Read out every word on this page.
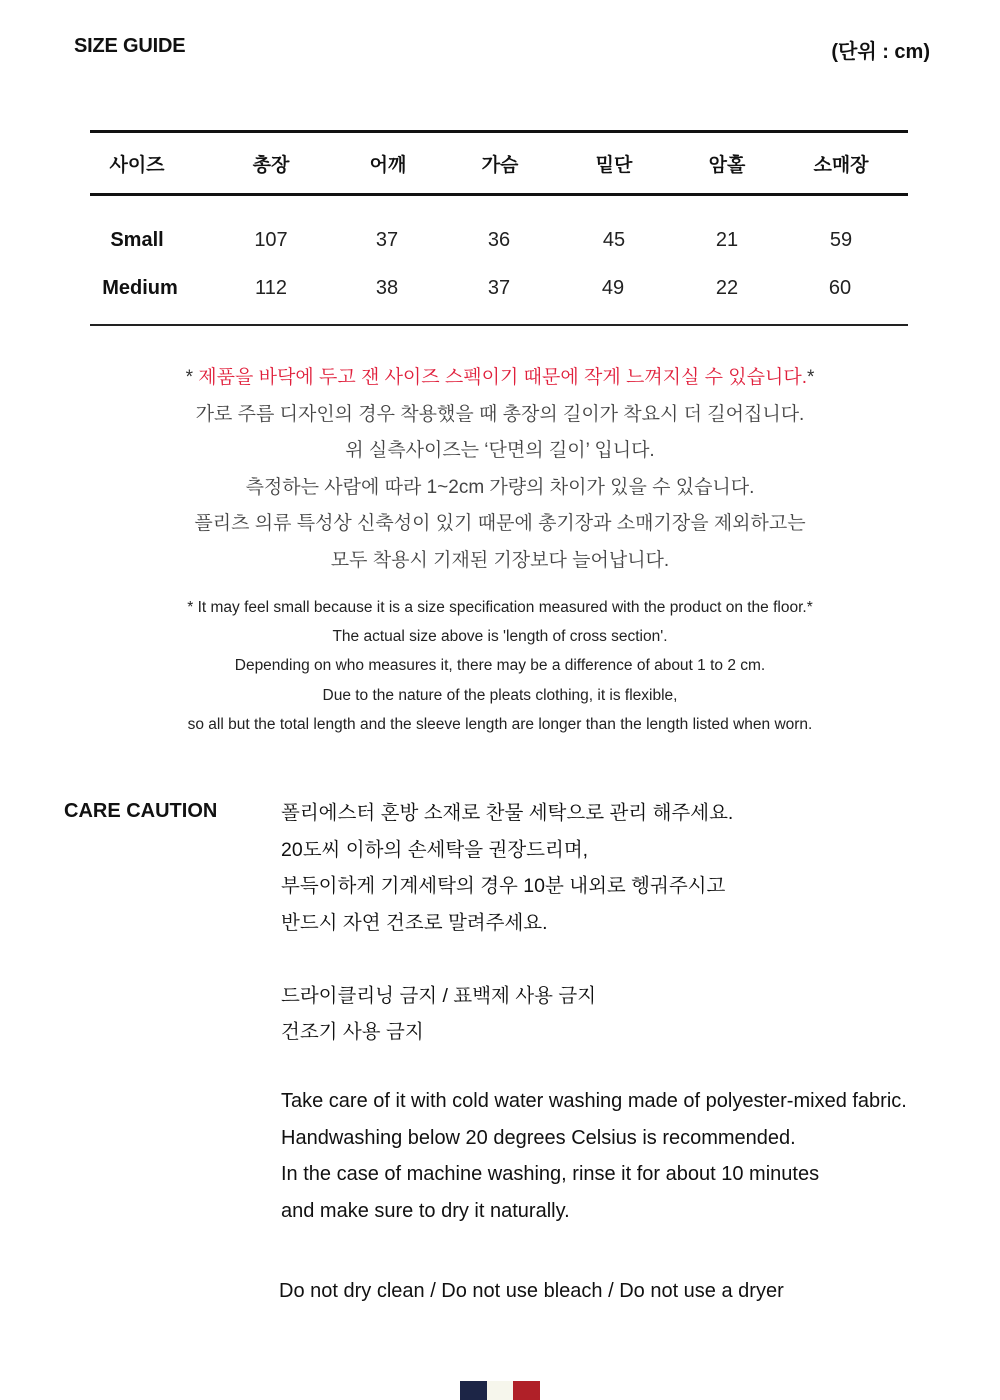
SIZE GUIDE	(단위 : cm)
사이즈	총장	어깨	가슴	밑단	암홀	소매장
Small	107	37	36	45	21	59
Medium	112	38	37	49	22	60
* 제품을 바닥에 두고 잰 사이즈 스펙이기 때문에 작게 느껴지실 수 있습니다.*
가로 주름 디자인의 경우 착용했을 때 총장의 길이가 착요시 더 길어집니다.
위 실측사이즈는 ‘단면의 길이’ 입니다.
측정하는 사람에 따라 1~2cm 가량의 차이가 있을 수 있습니다.
플리츠 의류 특성상 신축성이 있기 때문에 총기장과 소매기장을 제외하고는
모두 착용시 기재된 기장보다 늘어납니다.
* It may feel small because it is a size specification measured with the product on the floor.*
The actual size above is 'length of cross section'.
Depending on who measures it, there may be a difference of about 1 to 2 cm.
Due to the nature of the pleats clothing, it is flexible,
so all but the total length and the sleeve length are longer than the length listed when worn.
CARE CAUTION	폴리에스터 혼방 소재로 찬물 세탁으로 관리 해주세요.
20도씨 이하의 손세탁을 권장드리며,
부득이하게 기계세탁의 경우 10분 내외로 헹궈주시고
반드시 자연 건조로 말려주세요.
드라이클리닝 금지 / 표백제 사용 금지
건조기 사용 금지
Take care of it with cold water washing made of polyester-mixed fabric.
Handwashing below 20 degrees Celsius is recommended.
In the case of machine washing, rinse it for about 10 minutes
and make sure to dry it naturally.
Do not dry clean / Do not use bleach / Do not use a dryer
